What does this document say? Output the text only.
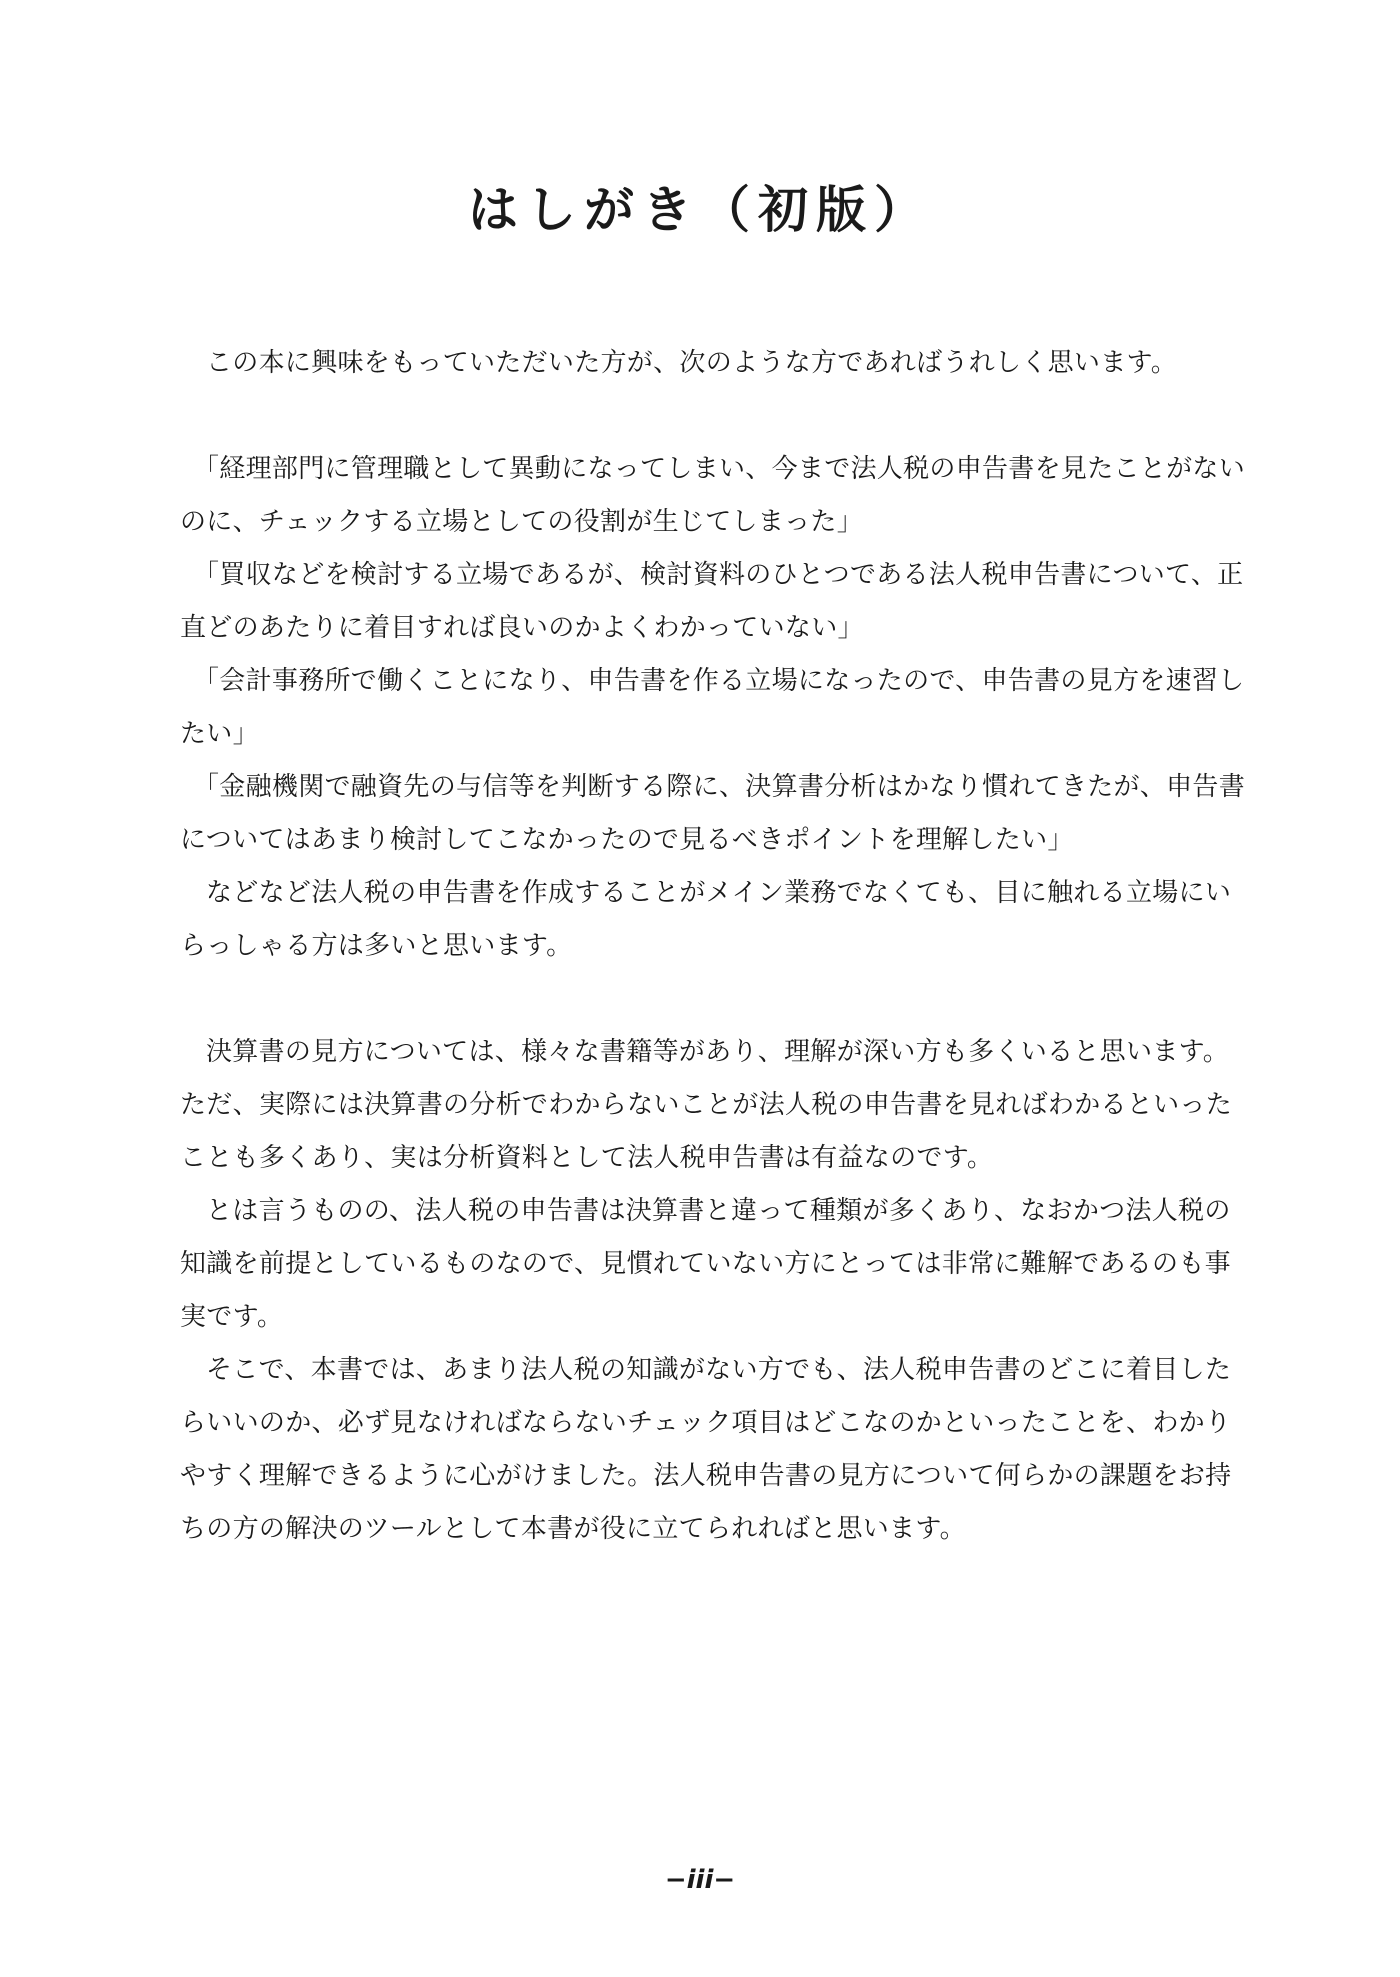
はしがき（初版）

この本に興味をもっていただいた方が、次のような方であればうれしく思います。

「経理部門に管理職として異動になってしまい、今まで法人税の申告書を見たことがないのに、チェックする立場としての役割が生じてしまった」

「買収などを検討する立場であるが、検討資料のひとつである法人税申告書について、正直どのあたりに着目すれば良いのかよくわかっていない」

「会計事務所で働くことになり、申告書を作る立場になったので、申告書の見方を速習したい」

「金融機関で融資先の与信等を判断する際に、決算書分析はかなり慣れてきたが、申告書についてはあまり検討してこなかったので見るべきポイントを理解したい」

などなど法人税の申告書を作成することがメイン業務でなくても、目に触れる立場にいらっしゃる方は多いと思います。

決算書の見方については、様々な書籍等があり、理解が深い方も多くいると思います。ただ、実際には決算書の分析でわからないことが法人税の申告書を見ればわかるといったことも多くあり、実は分析資料として法人税申告書は有益なのです。

とは言うものの、法人税の申告書は決算書と違って種類が多くあり、なおかつ法人税の知識を前提としているものなので、見慣れていない方にとっては非常に難解であるのも事実です。

そこで、本書では、あまり法人税の知識がない方でも、法人税申告書のどこに着目したらいいのか、必ず見なければならないチェック項目はどこなのかといったことを、わかりやすく理解できるように心がけました。法人税申告書の見方について何らかの課題をお持ちの方の解決のツールとして本書が役に立てられればと思います。

−iii−
